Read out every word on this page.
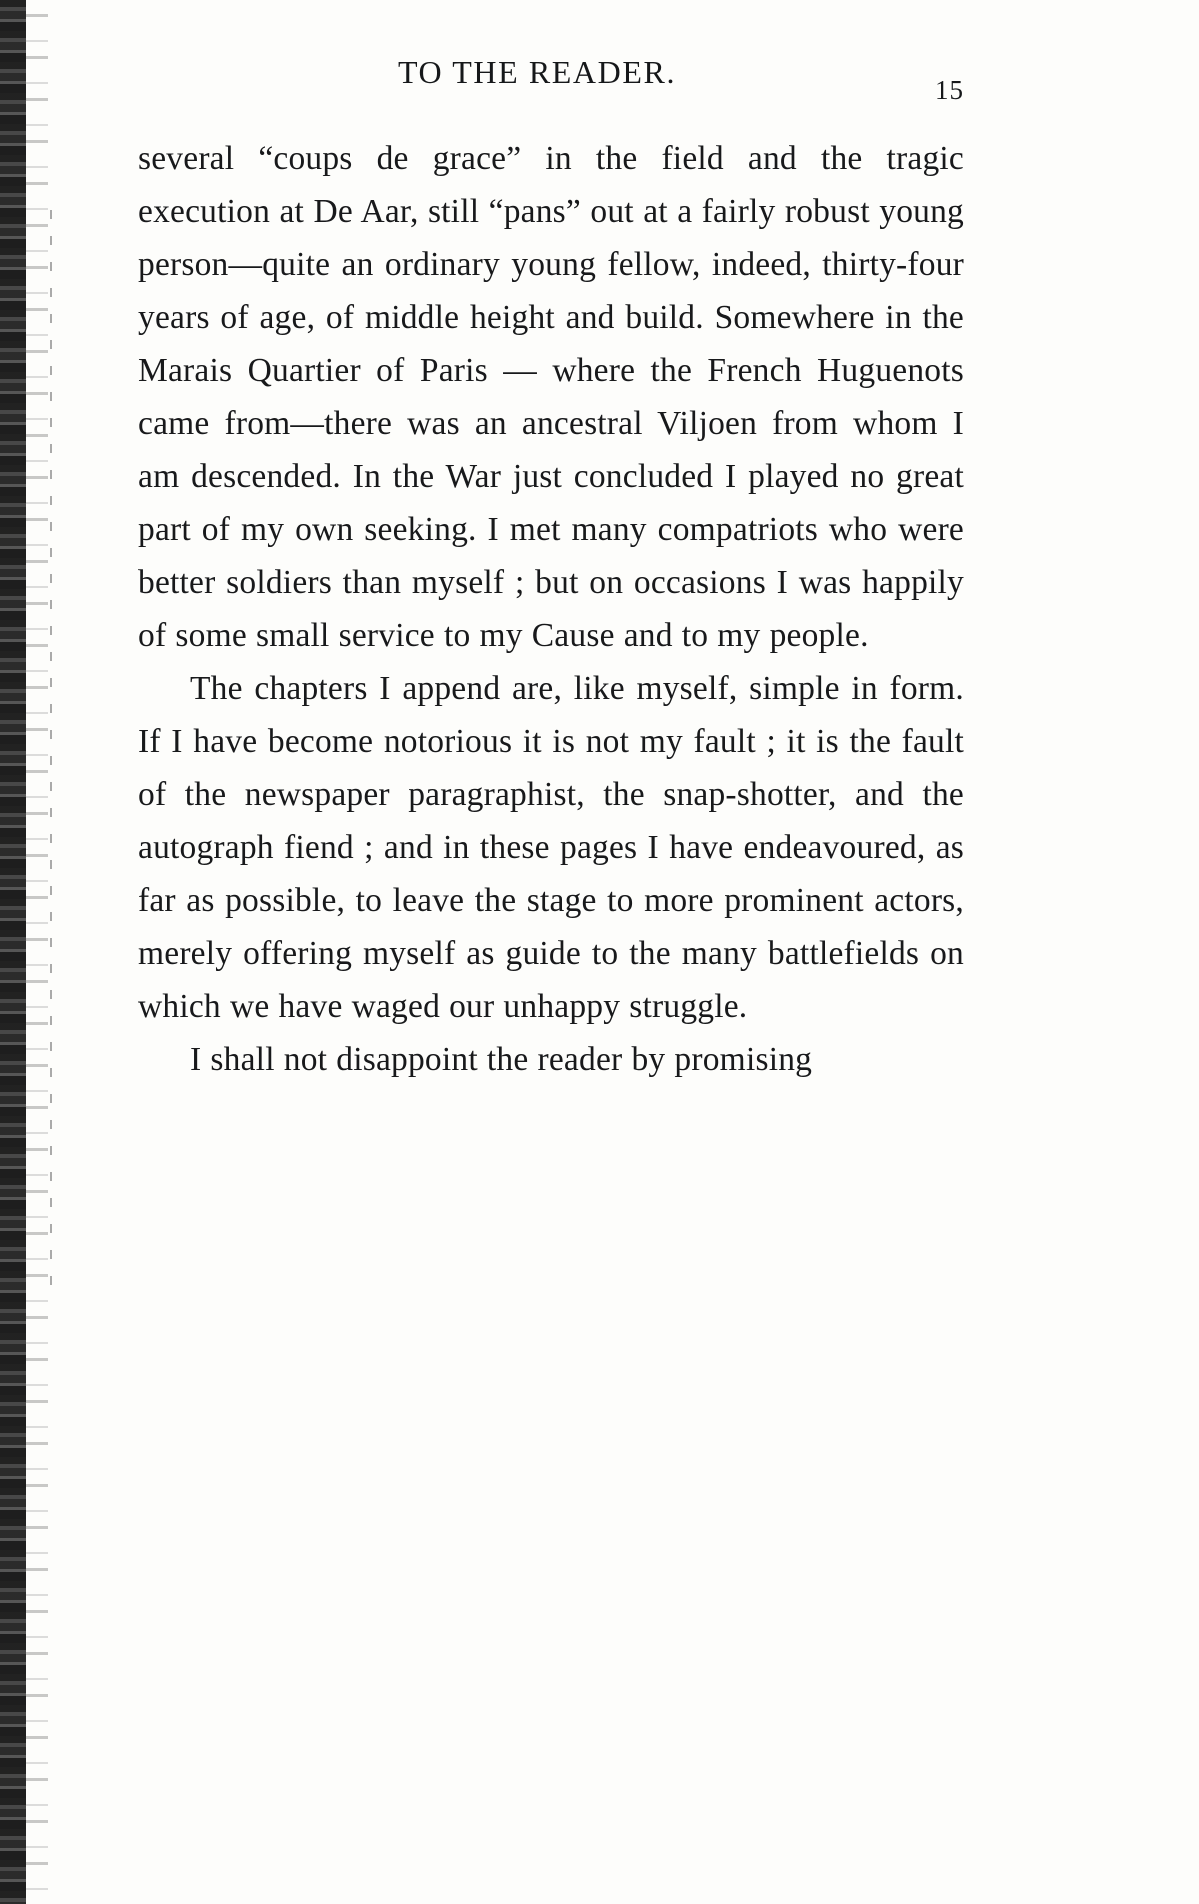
TO THE READER.	15

several “coups de grace” in the field and the tragic execution at De Aar, still “pans” out at a fairly robust young person—quite an ordinary young fellow, indeed, thirty-four years of age, of middle height and build. Somewhere in the Marais Quartier of Paris — where the French Huguenots came from—there was an ancestral Viljoen from whom I am descended. In the War just concluded I played no great part of my own seeking. I met many compatriots who were better soldiers than myself ; but on occasions I was happily of some small service to my Cause and to my people.

The chapters I append are, like myself, simple in form. If I have become notorious it is not my fault ; it is the fault of the newspaper paragraphist, the snap-shotter, and the autograph fiend ; and in these pages I have endeavoured, as far as possible, to leave the stage to more prominent actors, merely offering myself as guide to the many battlefields on which we have waged our unhappy struggle.

I shall not disappoint the reader by promising
